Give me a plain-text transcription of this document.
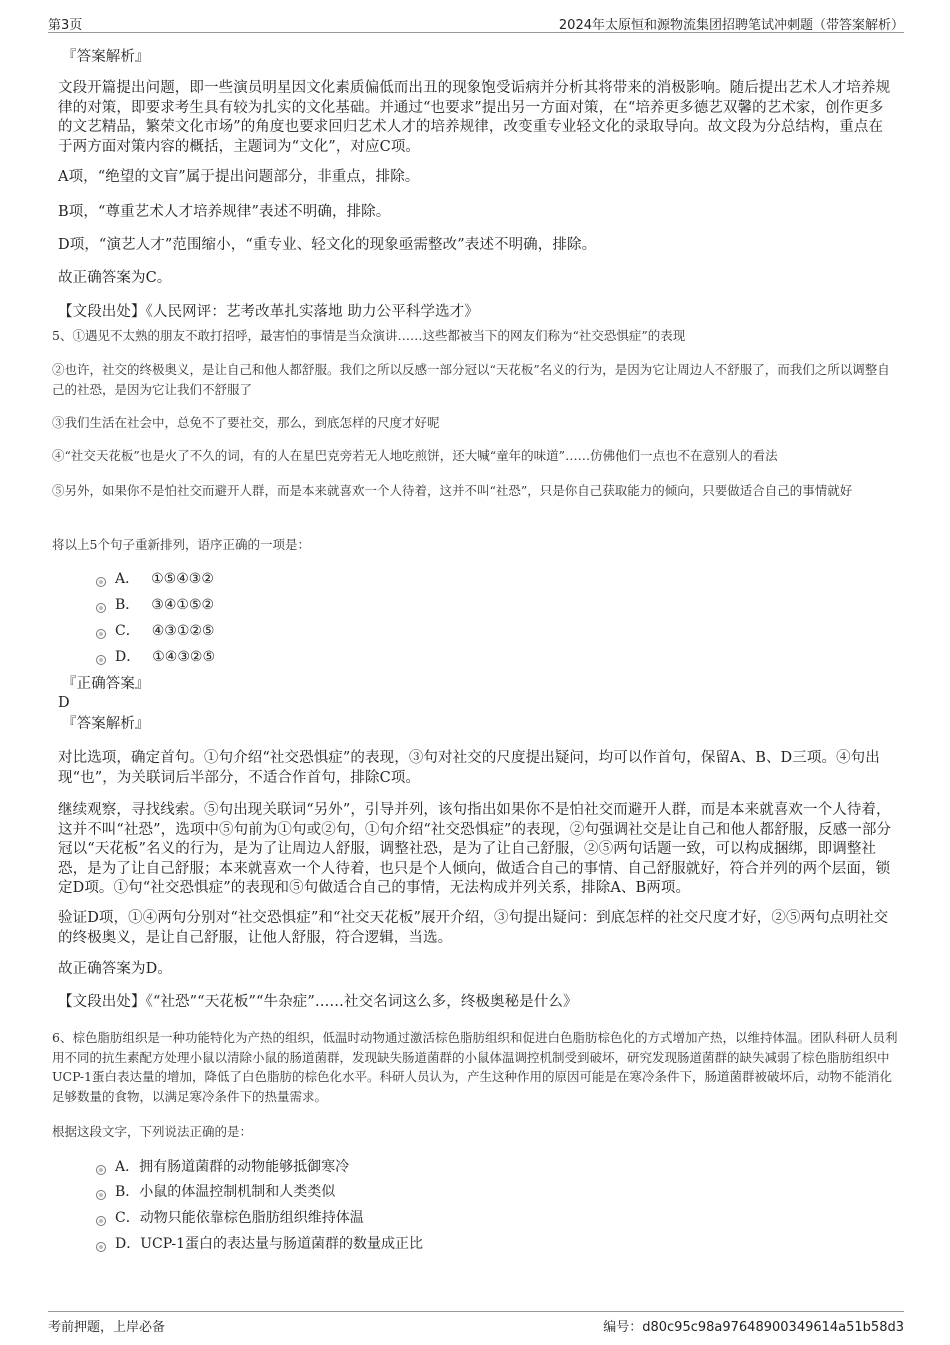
第3页	2024年太原恒和源物流集团招聘笔试冲刺题（带答案解析）

『答案解析』

文段开篇提出问题，即一些演员明星因文化素质偏低而出丑的现象饱受诟病并分析其将带来的消极影响。随后提出艺术人才培养规律的对策，即要求考生具有较为扎实的文化基础。并通过“也要求”提出另一方面对策，在“培养更多德艺双馨的艺术家，创作更多的文艺精品，繁荣文化市场”的角度也要求回归艺术人才的培养规律，改变重专业轻文化的录取导向。故文段为分总结构，重点在于两方面对策内容的概括，主题词为“文化”，对应C项。

A项，“绝望的文盲”属于提出问题部分，非重点，排除。

B项，“尊重艺术人才培养规律”表述不明确，排除。

D项，“演艺人才”范围缩小，“重专业、轻文化的现象亟需整改”表述不明确，排除。

故正确答案为C。

【文段出处】《人民网评：艺考改革扎实落地 助力公平科学选才》

5、①遇见不太熟的朋友不敢打招呼，最害怕的事情是当众演讲……这些都被当下的网友们称为“社交恐惧症”的表现

②也许，社交的终极奥义，是让自己和他人都舒服。我们之所以反感一部分冠以“天花板”名义的行为，是因为它让周边人不舒服了，而我们之所以调整自己的社恐，是因为它让我们不舒服了

③我们生活在社会中，总免不了要社交，那么，到底怎样的尺度才好呢

④“社交天花板”也是火了不久的词，有的人在星巴克旁若无人地吃煎饼，还大喊“童年的味道”……仿佛他们一点也不在意别人的看法

⑤另外，如果你不是怕社交而避开人群，而是本来就喜欢一个人待着，这并不叫“社恐”，只是你自己获取能力的倾向，只要做适合自己的事情就好

将以上5个句子重新排列，语序正确的一项是：

A． ①⑤④③②
B． ③④①⑤②
C． ④③①②⑤
D． ①④③②⑤

『正确答案』

D

『答案解析』

对比选项，确定首句。①句介绍“社交恐惧症”的表现，③句对社交的尺度提出疑问，均可以作首句，保留A、B、D三项。④句出现“也”，为关联词后半部分，不适合作首句，排除C项。

继续观察，寻找线索。⑤句出现关联词“另外”，引导并列，该句指出如果你不是怕社交而避开人群，而是本来就喜欢一个人待着，这并不叫“社恐”，选项中⑤句前为①句或②句，①句介绍“社交恐惧症”的表现，②句强调社交是让自己和他人都舒服，反感一部分冠以“天花板”名义的行为，是为了让周边人舒服，调整社恐，是为了让自己舒服，②⑤两句话题一致，可以构成捆绑，即调整社恐，是为了让自己舒服；本来就喜欢一个人待着，也只是个人倾向，做适合自己的事情、自己舒服就好，符合并列的两个层面，锁定D项。①句“社交恐惧症”的表现和⑤句做适合自己的事情，无法构成并列关系，排除A、B两项。

验证D项，①④两句分别对“社交恐惧症”和“社交天花板”展开介绍，③句提出疑问：到底怎样的社交尺度才好，②⑤两句点明社交的终极奥义，是让自己舒服，让他人舒服，符合逻辑，当选。

故正确答案为D。

【文段出处】《“社恐”“天花板”“牛杂症”……社交名词这么多，终极奥秘是什么》

6、棕色脂肪组织是一种功能特化为产热的组织，低温时动物通过激活棕色脂肪组织和促进白色脂肪棕色化的方式增加产热，以维持体温。团队科研人员利用不同的抗生素配方处理小鼠以清除小鼠的肠道菌群，发现缺失肠道菌群的小鼠体温调控机制受到破坏，研究发现肠道菌群的缺失减弱了棕色脂肪组织中UCP-1蛋白表达量的增加，降低了白色脂肪的棕色化水平。科研人员认为，产生这种作用的原因可能是在寒冷条件下，肠道菌群被破坏后，动物不能消化足够数量的食物，以满足寒冷条件下的热量需求。

根据这段文字，下列说法正确的是：

A．拥有肠道菌群的动物能够抵御寒冷
B．小鼠的体温控制机制和人类类似
C．动物只能依靠棕色脂肪组织维持体温
D．UCP-1蛋白的表达量与肠道菌群的数量成正比
考前押题，上岸必备	编号：d80c95c98a97648900349614a51b58d3
